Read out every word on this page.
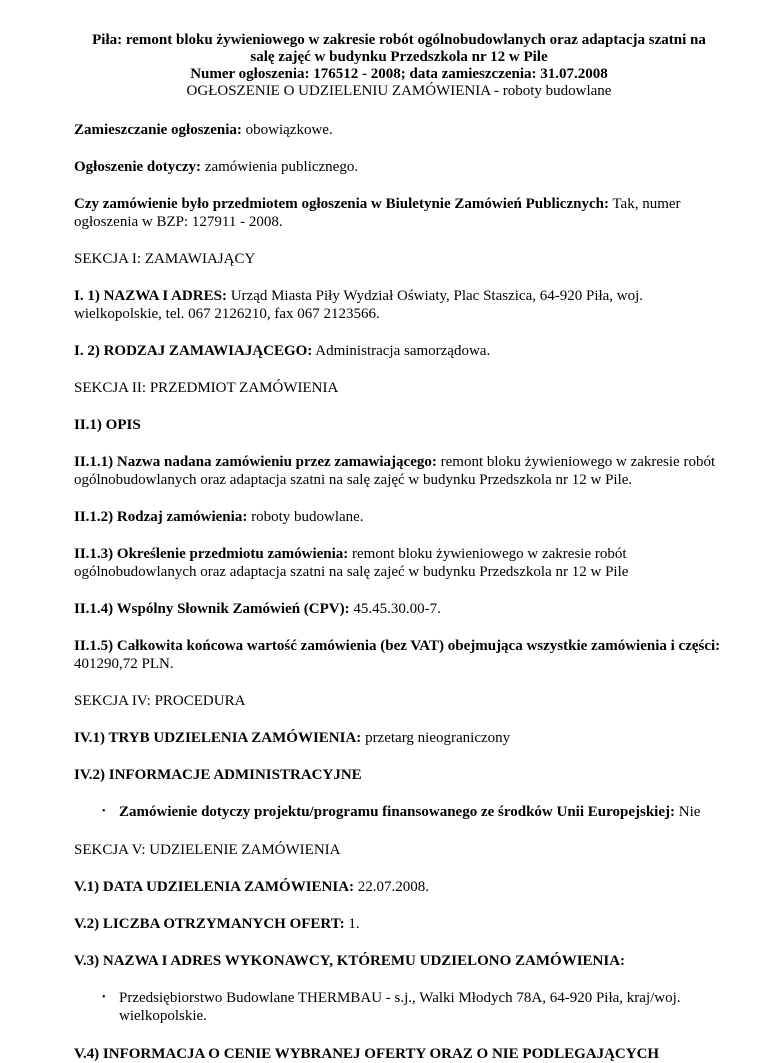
Piła: remont bloku żywieniowego w zakresie robót ogólnobudowlanych oraz adaptacja szatni na
salę zajęć w budynku Przedszkola nr 12 w Pile
Numer ogłoszenia: 176512 - 2008; data zamieszczenia: 31.07.2008
OGŁOSZENIE O UDZIELENIU ZAMÓWIENIA - roboty budowlane

Zamieszczanie ogłoszenia: obowiązkowe.

Ogłoszenie dotyczy: zamówienia publicznego.

Czy zamówienie było przedmiotem ogłoszenia w Biuletynie Zamówień Publicznych: Tak, numer ogłoszenia w BZP: 127911 - 2008.

SEKCJA I: ZAMAWIAJĄCY

I. 1) NAZWA I ADRES: Urząd Miasta Piły Wydział Oświaty, Plac Staszica, 64-920 Piła, woj. wielkopolskie, tel. 067 2126210, fax 067 2123566.

I. 2) RODZAJ ZAMAWIAJĄCEGO: Administracja samorządowa.

SEKCJA II: PRZEDMIOT ZAMÓWIENIA

II.1) OPIS

II.1.1) Nazwa nadana zamówieniu przez zamawiającego: remont bloku żywieniowego w zakresie robót ogólnobudowlanych oraz adaptacja szatni na salę zajęć w budynku Przedszkola nr 12 w Pile.

II.1.2) Rodzaj zamówienia: roboty budowlane.

II.1.3) Określenie przedmiotu zamówienia: remont bloku żywieniowego w zakresie robót ogólnobudowlanych oraz adaptacja szatni na salę zajeć w budynku Przedszkola nr 12 w Pile

II.1.4) Wspólny Słownik Zamówień (CPV): 45.45.30.00-7.

II.1.5) Całkowita końcowa wartość zamówienia (bez VAT) obejmująca wszystkie zamówienia i części: 401290,72 PLN.

SEKCJA IV: PROCEDURA

IV.1) TRYB UDZIELENIA ZAMÓWIENIA: przetarg nieograniczony

IV.2) INFORMACJE ADMINISTRACYJNE

• Zamówienie dotyczy projektu/programu finansowanego ze środków Unii Europejskiej: Nie

SEKCJA V: UDZIELENIE ZAMÓWIENIA

V.1) DATA UDZIELENIA ZAMÓWIENIA: 22.07.2008.

V.2) LICZBA OTRZYMANYCH OFERT: 1.

V.3) NAZWA I ADRES WYKONAWCY, KTÓREMU UDZIELONO ZAMÓWIENIA:

• Przedsiębiorstwo Budowlane THERMBAU - s.j., Walki Młodych 78A, 64-920 Piła, kraj/woj. wielkopolskie.

V.4) INFORMACJA O CENIE WYBRANEJ OFERTY ORAZ O NIE PODLEGAJĄCYCH
